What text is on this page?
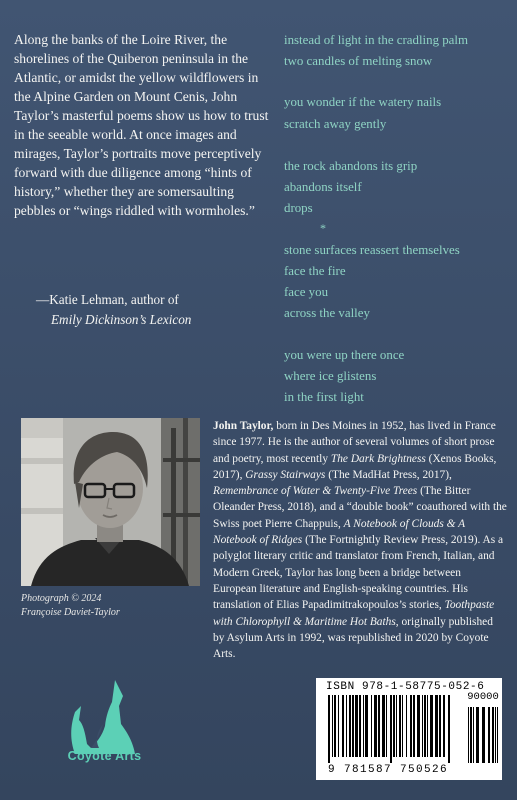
Along the banks of the Loire River, the shorelines of the Quiberon peninsula in the Atlantic, or amidst the yellow wildflowers in the Alpine Garden on Mount Cenis, John Taylor’s masterful poems show us how to trust in the seeable world. At once images and mirages, Taylor’s portraits move perceptively forward with due diligence among “hints of history,” whether they are somersaulting pebbles or “wings riddled with wormholes.”

—Katie Lehman, author of
Emily Dickinson’s Lexicon
instead of light in the cradling palm
two candles of melting snow
you wonder if the watery nails
scratch away gently
the rock abandons its grip
abandons itself
drops
*
stone surfaces reassert themselves
face the fire
face you
across the valley
you were up there once
where ice glistens
in the first light
Photograph © 2024
Françoise Daviet-Taylor
John Taylor, born in Des Moines in 1952, has lived in France since 1977. He is the author of several volumes of short prose and poetry, most recently The Dark Brightness (Xenos Books, 2017), Grassy Stairways (The MadHat Press, 2017), Remembrance of Water & Twenty-Five Trees (The Bitter Oleander Press, 2018), and a “double book” coauthored with the Swiss poet Pierre Chappuis, A Notebook of Clouds & A Notebook of Ridges (The Fortnightly Review Press, 2019). As a polyglot literary critic and translator from French, Italian, and Modern Greek, Taylor has long been a bridge between European literature and English-speaking countries. His translation of Elias Papadimitrakopoulos’s stories, Toothpaste with Chlorophyll & Maritime Hot Baths, originally published by Asylum Arts in 1992, was republished in 2020 by Coyote Arts.
Coyote Arts
ISBN 978-1-58775-052-6
90000
9 781587 750526
